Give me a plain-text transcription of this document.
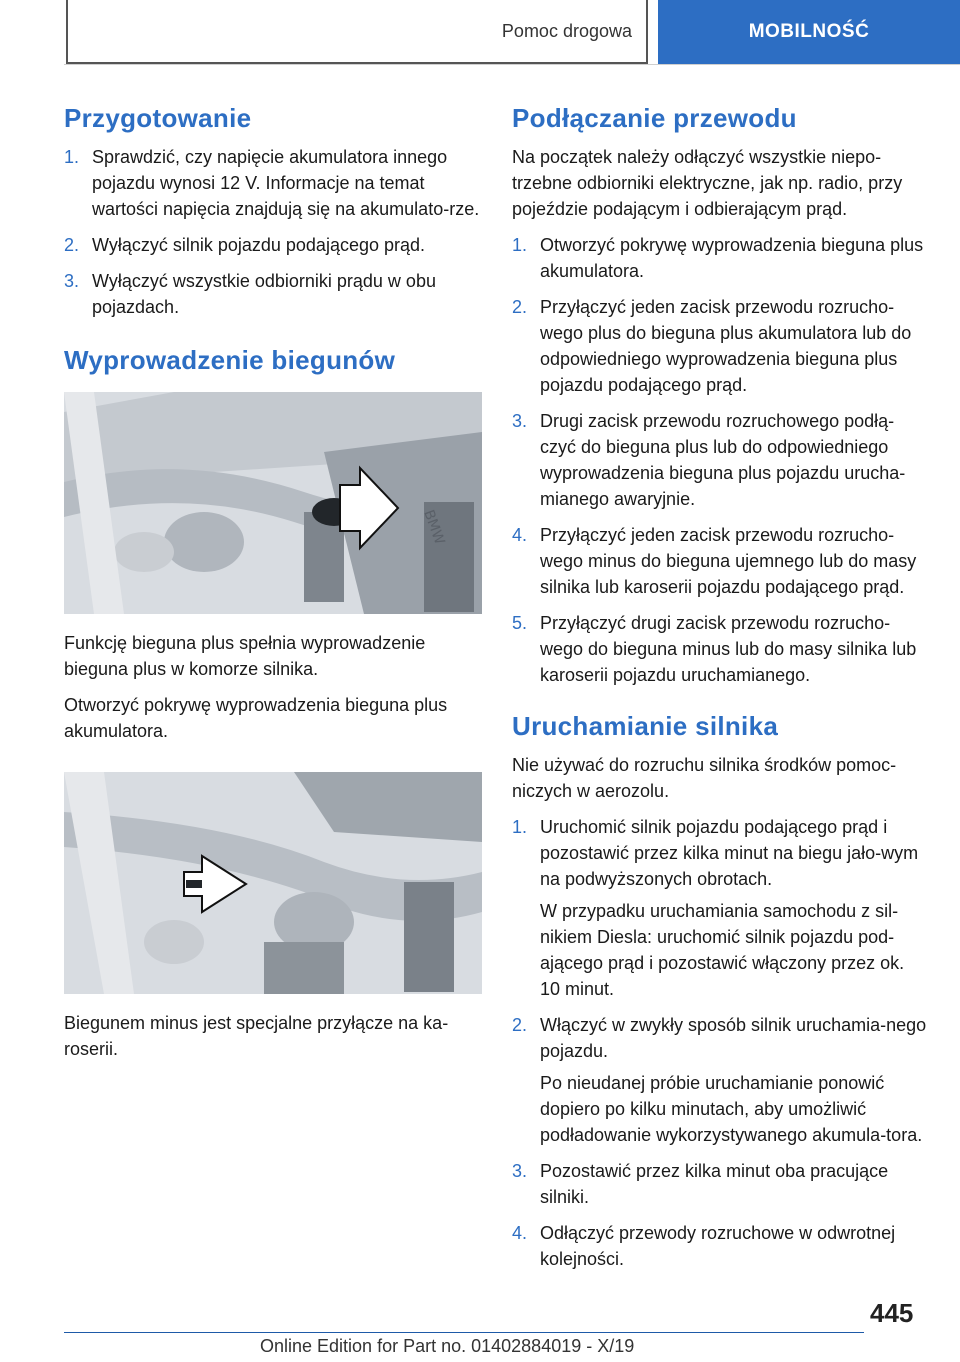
Pomoc drogowa	MOBILNOŚĆ
Przygotowanie
1. Sprawdzić, czy napięcie akumulatora innego pojazdu wynosi 12 V. Informacje na temat wartości napięcia znajdują się na akumulato-rze.
2. Wyłączyć silnik pojazdu podającego prąd.
3. Wyłączyć wszystkie odbiorniki prądu w obu pojazdach.
Wyprowadzenie biegunów
BMW

Funkcję bieguna plus spełnia wyprowadzenie bieguna plus w komorze silnika.

Otworzyć pokrywę wyprowadzenia bieguna plus akumulatora.

Biegunem minus jest specjalne przyłącze na ka-roserii.

Podłączanie przewodu

Na początek należy odłączyć wszystkie niepo-trzebne odbiorniki elektryczne, jak np. radio, przy pojeździe podającym i odbierającym prąd.

1. Otworzyć pokrywę wyprowadzenia bieguna plus akumulatora.
2. Przyłączyć jeden zacisk przewodu rozrucho-wego plus do bieguna plus akumulatora lub do odpowiedniego wyprowadzenia bieguna plus pojazdu podającego prąd.
3. Drugi zacisk przewodu rozruchowego podłą-czyć do bieguna plus lub do odpowiedniego wyprowadzenia bieguna plus pojazdu urucha-mianego awaryjnie.
4. Przyłączyć jeden zacisk przewodu rozrucho-wego minus do bieguna ujemnego lub do masy silnika lub karoserii pojazdu podającego prąd.
5. Przyłączyć drugi zacisk przewodu rozrucho-wego do bieguna minus lub do masy silnika lub karoserii pojazdu uruchamianego.
Uruchamianie silnika

Nie używać do rozruchu silnika środków pomoc-niczych w aerozolu.

1. Uruchomić silnik pojazdu podającego prąd i pozostawić przez kilka minut na biegu jało-wym na podwyższonych obrotach.
W przypadku uruchamiania samochodu z sil-nikiem Diesla: uruchomić silnik pojazdu pod-ającego prąd i pozostawić włączony przez ok. 10 minut.
2. Włączyć w zwykły sposób silnik uruchamia-nego pojazdu.
Po nieudanej próbie uruchamianie ponowić dopiero po kilku minutach, aby umożliwić podładowanie wykorzystywanego akumula-tora.
3. Pozostawić przez kilka minut oba pracujące silniki.
4. Odłączyć przewody rozruchowe w odwrotnej kolejności.
445
Online Edition for Part no. 01402884019 - X/19
